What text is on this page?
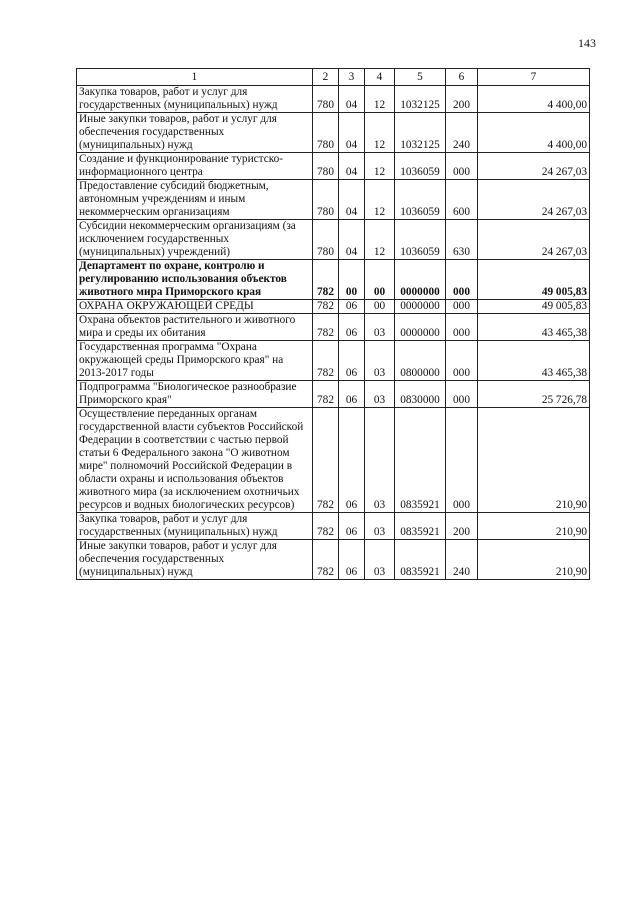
143
1	2	3	4	5	6	7
Закупка товаров, работ и услуг для государственных (муниципальных) нужд	780	04	12	1032125	200	4 400,00
Иные закупки товаров, работ и услуг для обеспечения государственных (муниципальных) нужд	780	04	12	1032125	240	4 400,00
Создание и функционирование туристско-информационного центра	780	04	12	1036059	000	24 267,03
Предоставление субсидий бюджетным, автономным учреждениям и иным некоммерческим организациям	780	04	12	1036059	600	24 267,03
Субсидии некоммерческим организациям (за исключением государственных (муниципальных) учреждений)	780	04	12	1036059	630	24 267,03
Департамент по охране, контролю и регулированию использования объектов животного мира Приморского края	782	00	00	0000000	000	49 005,83
ОХРАНА ОКРУЖАЮЩЕЙ СРЕДЫ	782	06	00	0000000	000	49 005,83
Охрана объектов растительного и животного мира и среды их обитания	782	06	03	0000000	000	43 465,38
Государственная программа "Охрана окружающей среды Приморского края" на 2013-2017 годы	782	06	03	0800000	000	43 465,38
Подпрограмма "Биологическое разнообразие Приморского края"	782	06	03	0830000	000	25 726,78
Осуществление переданных органам государственной власти субъектов Российской Федерации в соответствии с частью первой статьи 6 Федерального закона "О животном мире" полномочий Российской Федерации в области охраны и использования объектов животного мира (за исключением охотничьих ресурсов и водных биологических ресурсов)	782	06	03	0835921	000	210,90
Закупка товаров, работ и услуг для государственных (муниципальных) нужд	782	06	03	0835921	200	210,90
Иные закупки товаров, работ и услуг для обеспечения государственных (муниципальных) нужд	782	06	03	0835921	240	210,90
